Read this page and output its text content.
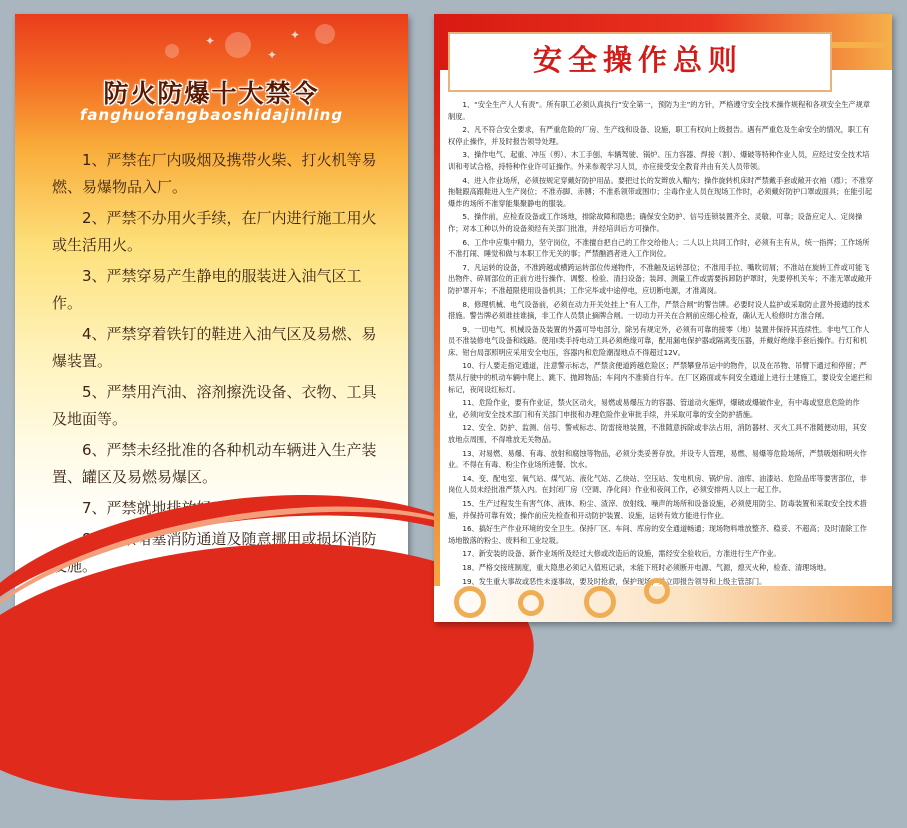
✦
✦
✦
防火防爆十大禁令
fanghuofangbaoshidajinling
1、严禁在厂内吸烟及携带火柴、打火机等易燃、易爆物品入厂。
2、严禁不办用火手续，在厂内进行施工用火或生活用火。
3、严禁穿易产生静电的服装进入油气区工作。
4、严禁穿着铁钉的鞋进入油气区及易燃、易爆装置。
5、严禁用汽油、溶剂擦洗设备、衣物、工具及地面等。
6、严禁未经批准的各种机动车辆进入生产装置、罐区及易燃易爆区。
7、严禁就地排放轻质油品、化学危险品。
8、严禁堵塞消防通道及随意挪用或损坏消防设施。
✺
安全操作总则
1、“安全生产人人有责”。所有职工必须认真执行“安全第一，预防为主”的方针，严格遵守安全技术操作规程和各项安全生产规章制度。
2、凡不符合安全要求，有严重危险的厂房、生产线和设备、设施，职工有权向上级报告。遇有严重危及生命安全的情况，职工有权停止操作，并及时报告领导处理。
3、操作电气、起重、冲压（剪）、木工手刨、车辆驾驶、锅炉、压力容器、焊接（割）、爆破等特种作业人员，应经过安全技术培训和考试合格，持特种作业许可证操作。外来参观学习人员，亦应接受安全教育并由有关人员带领。
4、进入作业场所，必须按规定穿戴好防护用品。要把过长的发辫放入帽内；操作旋转机床时严禁戴手套或敞开衣袖（襟）；不准穿拖鞋跟高跟鞋进入生产岗位；不准赤脚、赤膊；不准系领带或围巾；尘毒作业人员在现场工作时，必须戴好防护口罩或面具；在能引起爆炸的场所不准穿能集聚静电的服装。
5、操作前，应检查设备或工作场地，排除故障和隐患；确保安全防护、信号连锁装置齐全、灵敏、可靠；设备应定人、定岗操作；对本工种以外的设备须经有关部门批准，并经培训后方可操作。
6、工作中应集中精力，坚守岗位，不准擅自把自己的工作交给他人；二人以上共同工作时，必须有主有从，统一指挥；工作场所不准打闹、睡觉和做与本职工作无关的事；严禁酗酒者进入工作岗位。
7、凡运转的设备，不准跨越或横跨运转部位传递物件，不准触及运转部位；不准用手拉、嘴吹切屑；不准站在旋转工件或可能飞出物件、碎屑部位的正前方进行操作、调整、检验、清扫设备；装卸、测量工件或需要拆卸防护罩时，先要停机关车；不准无罩或敞开防护罩开车；不准超限使用设备机具；工作完毕或中途停电，应切断电源，才准离岗。
8、修理机械、电气设备前，必须在动力开关处挂上“有人工作，严禁合闸”的警告牌。必要时设人监护或采取防止意外接通的技术措施。警告牌必须谁挂谁摘，非工作人员禁止摘牌合闸。一切动力开关在合闸前应细心检查，确认无人检修时方准合闸。
9、一切电气、机械设备及装置的外露可导电部分，除另有规定外，必须有可靠的接零（地）装置并保持其连续性。非电气工作人员不准装修电气设备和线路。使用I类手持电动工具必须绝缘可靠，配用漏电保护器或隔离变压器，并戴好绝缘手套后操作。行灯和机床、钳台局部照明应采用安全电压，容器内和危险潮湿地点不得超过12V。
10、行人要走指定通道，注意警示标志，严禁贪便道跨越危险区；严禁攀登吊运中的物件，以及在吊物、吊臂下通过和停留；严禁从行驶中的机动车辆中爬上、跳下、抛卸物品；车间内不准骑自行车。在厂区路面或车间安全通道上进行土建施工，要设安全遮拦和标记，夜间设红标灯。
11、危险作业，要有作业证，禁火区动火，易燃或易爆压力的容器、管道动火施焊，爆破或爆破作业，有中毒或窒息危险的作业，必须向安全技术部门和有关部门申报和办理危险作业审批手续，并采取可靠的安全防护措施。
12、安全、防护、监测、信号、警戒标志、防雷接地装置，不准随意拆除或非法占用，消防器材、灭火工具不准随便动用，其安放地点周围，不得堆放无关物品。
13、对易燃、易爆、有毒、放射和腐蚀等物品，必须分类妥善存放，并设专人管理，易燃、易爆等危险场所，严禁吸烟和明火作业。不得在有毒、粉尘作业场所进餐、饮水。
14、变、配电室、氧气站、煤气站、液化气站、乙炔站、空压站、发电机房、锅炉房、油库、油漆站、危险品库等要害部位，非岗位人员未经批准严禁入内。在封闭厂房（空调、净化间）作业和夜间工作，必须安排两人以上一起工作。
15、生产过程发生有害气体、液体、粉尘、渣滓、放射线、噪声的场所和设备设施，必须使用防尘、防毒装置和采取安全技术措施，并保持可靠有效；操作前应先检查和开动防护装置、设施，运转有效方能进行作业。
16、搞好生产作业环境的安全卫生。保持厂区、车间、库房的安全通道畅通；现场物料堆放整齐、稳妥、不超高；及时清除工作场地散落的粉尘、废料和工业垃圾。
17、新安装的设备、新作业场所及经过大修或改造后的设施，需经安全验收后，方准进行生产作业。
18、严格交接班制度，重大隐患必须记入值班记录，未能下班时必须断开电源、气源，熄灭火种，检查、清理场地。
19、发生重大事故或恶性未遂事故，要及时抢救，保护现场，并立即报告领导和上级主管部门。
